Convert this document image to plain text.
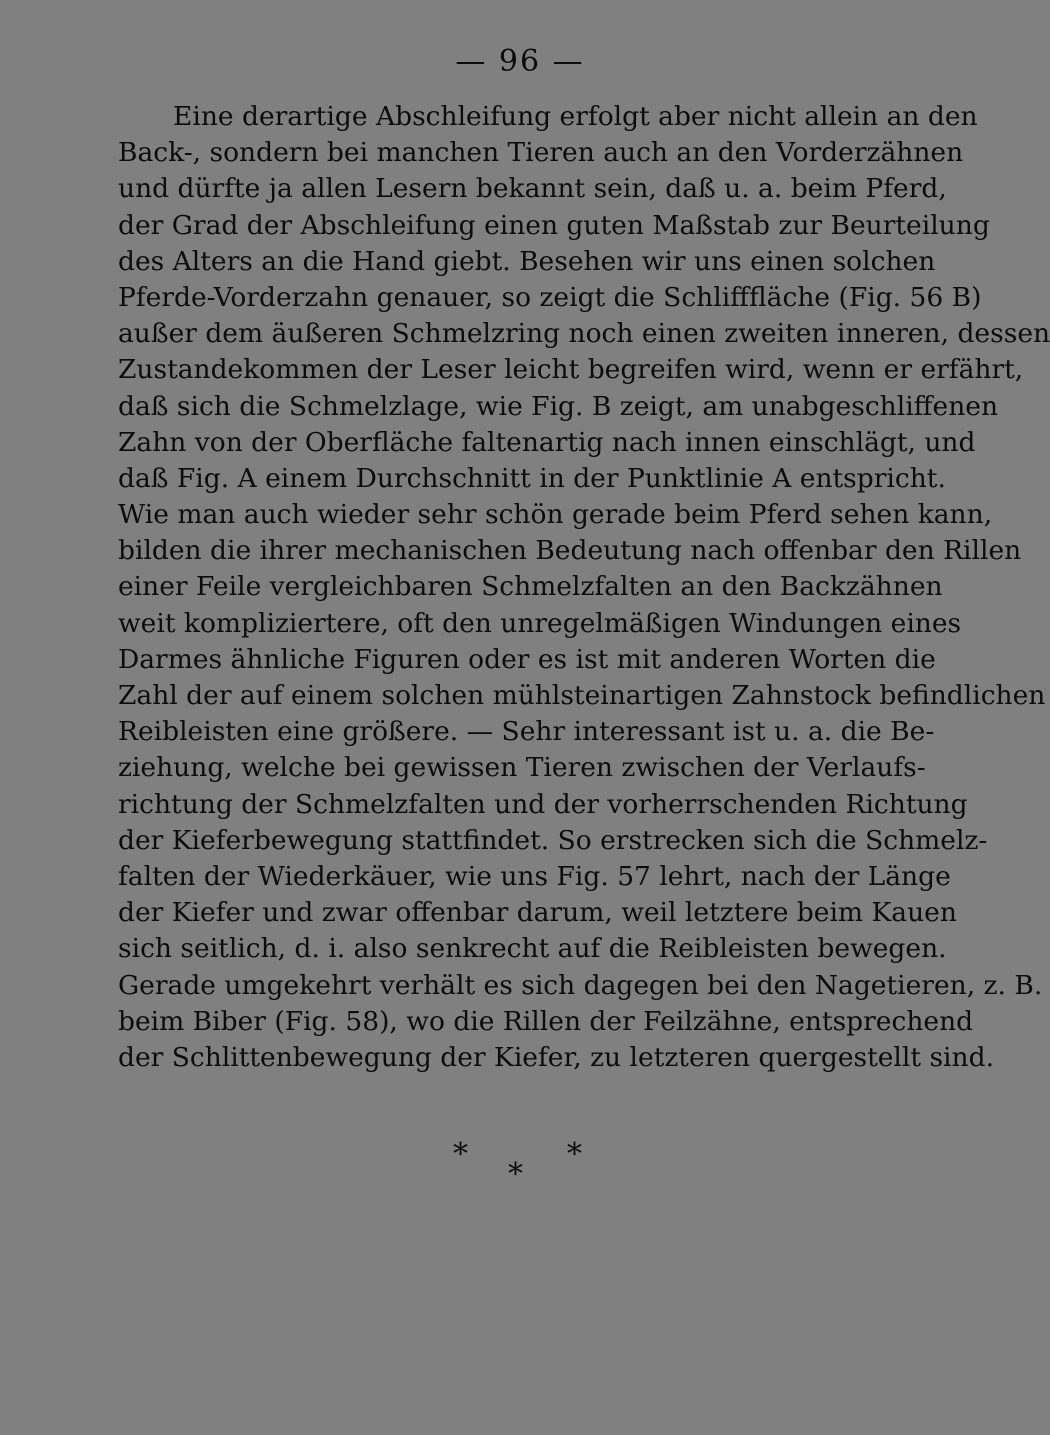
— 96 —
Eine derartige Abschleifung erfolgt aber nicht allein an den
Back-, sondern bei manchen Tieren auch an den Vorderzähnen
und dürfte ja allen Lesern bekannt sein, daß u. a. beim Pferd,
der Grad der Abschleifung einen guten Maßstab zur Beurteilung
des Alters an die Hand giebt. Besehen wir uns einen solchen
Pferde-Vorderzahn genauer, so zeigt die Schlifffläche (Fig. 56 B)
außer dem äußeren Schmelzring noch einen zweiten inneren, dessen
Zustandekommen der Leser leicht begreifen wird, wenn er erfährt,
daß sich die Schmelzlage, wie Fig. B zeigt, am unabgeschliffenen
Zahn von der Oberfläche faltenartig nach innen einschlägt, und
daß Fig. A einem Durchschnitt in der Punktlinie A entspricht.
Wie man auch wieder sehr schön gerade beim Pferd sehen kann,
bilden die ihrer mechanischen Bedeutung nach offenbar den Rillen
einer Feile vergleichbaren Schmelzfalten an den Backzähnen
weit kompliziertere, oft den unregelmäßigen Windungen eines
Darmes ähnliche Figuren oder es ist mit anderen Worten die
Zahl der auf einem solchen mühlsteinartigen Zahnstock befindlichen
Reibleisten eine größere. — Sehr interessant ist u. a. die Be-
ziehung, welche bei gewissen Tieren zwischen der Verlaufs-
richtung der Schmelzfalten und der vorherrschenden Richtung
der Kieferbewegung stattfindet. So erstrecken sich die Schmelz-
falten der Wiederkäuer, wie uns Fig. 57 lehrt, nach der Länge
der Kiefer und zwar offenbar darum, weil letztere beim Kauen
sich seitlich, d. i. also senkrecht auf die Reibleisten bewegen.
Gerade umgekehrt verhält es sich dagegen bei den Nagetieren, z. B.
beim Biber (Fig. 58), wo die Rillen der Feilzähne, entsprechend
der Schlittenbewegung der Kiefer, zu letzteren quergestellt sind.
*	*
*
